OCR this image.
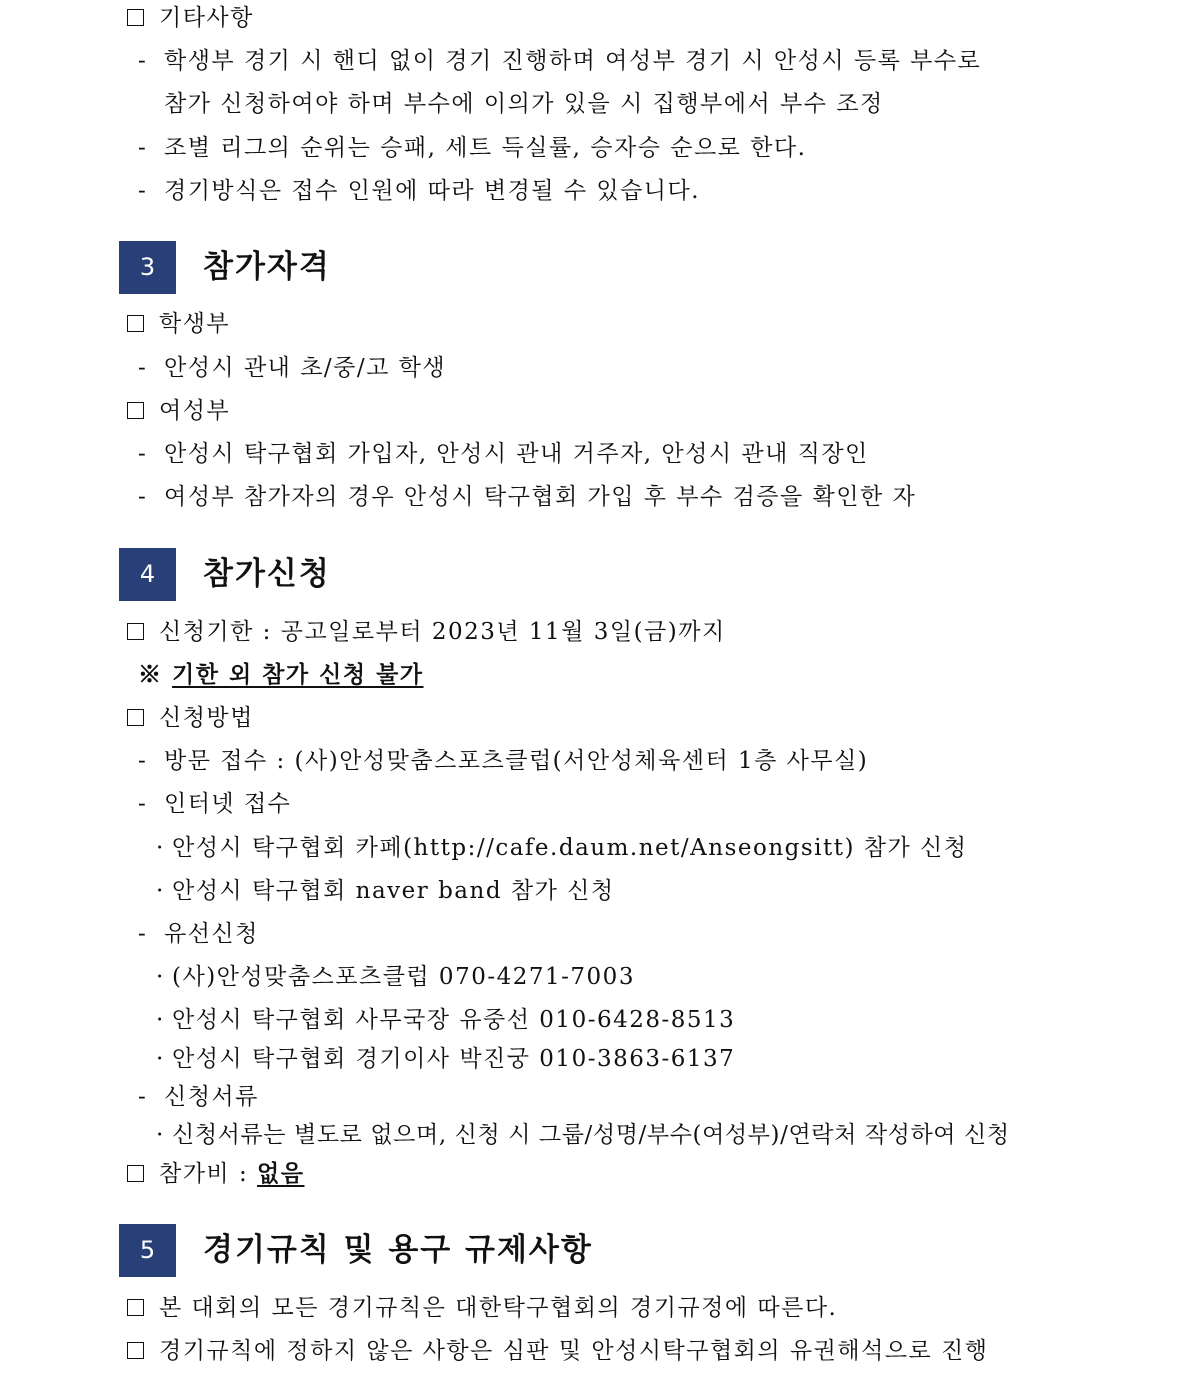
기타사항
- 학생부 경기 시 핸디 없이 경기 진행하며 여성부 경기 시 안성시 등록 부수로
참가 신청하여야 하며 부수에 이의가 있을 시 집행부에서 부수 조정
- 조별 리그의 순위는 승패, 세트 득실률, 승자승 순으로 한다.
- 경기방식은 접수 인원에 따라 변경될 수 있습니다.
3	참가자격
학생부
- 안성시 관내 초/중/고 학생
여성부
- 안성시 탁구협회 가입자, 안성시 관내 거주자, 안성시 관내 직장인
- 여성부 참가자의 경우 안성시 탁구협회 가입 후 부수 검증을 확인한 자
4	참가신청
신청기한 : 공고일로부터 2023년 11월 3일(금)까지
※ 기한 외 참가 신청 불가
신청방법
- 방문 접수 : (사)안성맞춤스포츠클럽(서안성체육센터 1층 사무실)
- 인터넷 접수
· 안성시 탁구협회 카페(http://cafe.daum.net/Anseongsitt) 참가 신청
· 안성시 탁구협회 naver band 참가 신청
- 유선신청
· (사)안성맞춤스포츠클럽 070-4271-7003
· 안성시 탁구협회 사무국장 유중선 010-6428-8513
· 안성시 탁구협회 경기이사 박진궁 010-3863-6137
- 신청서류
· 신청서류는 별도로 없으며, 신청 시 그룹/성명/부수(여성부)/연락처 작성하여 신청
참가비 : 없음
5	경기규칙 및 용구 규제사항
본 대회의 모든 경기규칙은 대한탁구협회의 경기규정에 따른다.
경기규칙에 정하지 않은 사항은 심판 및 안성시탁구협회의 유권해석으로 진행
